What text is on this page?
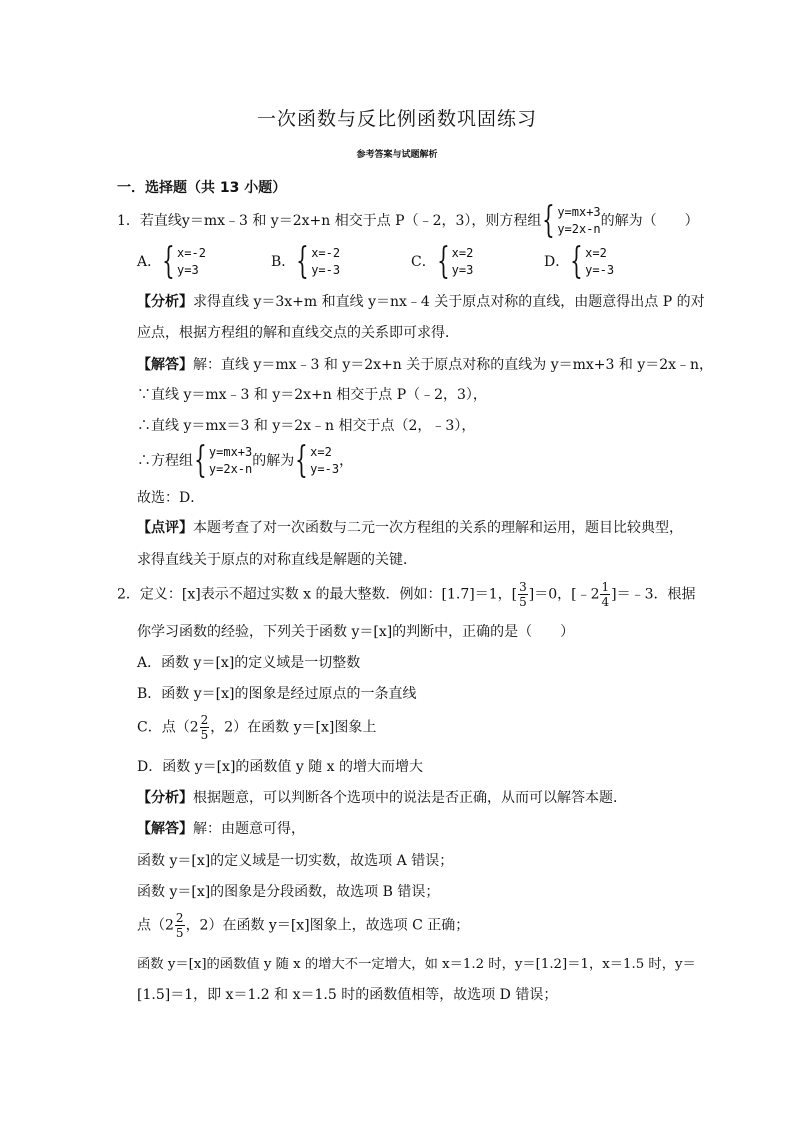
一次函数与反比例函数巩固练习
参考答案与试题解析
一．选择题（共 13 小题）
1．若直线y＝mx﹣3 和 y＝2x+n 相交于点 P（﹣2，3），则方程组 { y=mx+3
y=2x-n 的解为（　　）
A． { x=-2
y=3	B． { x=-2
y=-3	C． { x=2
y=3	D． { x=2
y=-3
【分析】求得直线 y＝3x+m 和直线 y＝nx﹣4 关于原点对称的直线，由题意得出点 P 的对
应点，根据方程组的解和直线交点的关系即可求得．
【解答】解：直线 y＝mx﹣3 和 y＝2x+n 关于原点对称的直线为 y＝mx+3 和 y＝2x﹣n，
∵直线 y＝mx﹣3 和 y＝2x+n 相交于点 P（﹣2，3），
∴直线 y＝mx＝3 和 y＝2x﹣n 相交于点（2，﹣3），
∴方程组 { y=mx+3
y=2x-n 的解为 { x=2
y=-3 ，
故选：D．
【点评】本题考查了对一次函数与二元一次方程组的关系的理解和运用，题目比较典型，
求得直线关于原点的对称直线是解题的关键．
2．定义：[x]表示不超过实数 x 的最大整数．例如：[1.7]＝1，[ $\frac{3}{5} ]=0$，[﹣2 $\frac{1}{4}$ ]＝﹣3．根据
你学习函数的经验，下列关于函数 y＝[x]的判断中，正确的是（　　）
A．函数 y＝[x]的定义域是一切整数
B．函数 y＝[x]的图象是经过原点的一条直线
C．点（$2 \frac{2}{5}$ ，2）在函数 y＝[x]图象上
D．函数 y＝[x]的函数值 y 随 x 的增大而增大
【分析】根据题意，可以判断各个选项中的说法是否正确，从而可以解答本题．
【解答】解：由题意可得，
函数 y＝[x]的定义域是一切实数，故选项 A 错误；
函数 y＝[x]的图象是分段函数，故选项 B 错误；
点（$2 \frac{2}{5}$ ，2）在函数 y＝[x]图象上，故选项 C 正确；
函数 y＝[x]的函数值 y 随 x 的增大不一定增大，如 x＝1.2 时，y＝[1.2]＝1，x＝1.5 时，y＝
[1.5]＝1，即 x＝1.2 和 x＝1.5 时的函数值相等，故选项 D 错误；
